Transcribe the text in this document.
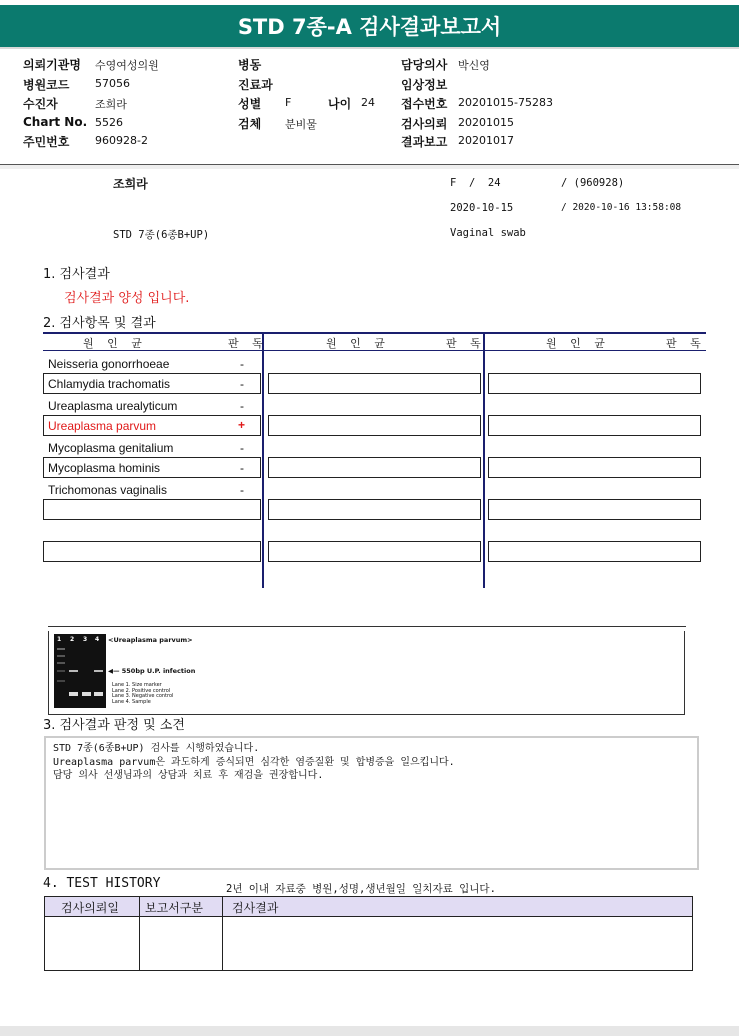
STD 7종-A 검사결과보고서
의뢰기관명 수영여성의원
병원코드 57056
수진자	조희라
Chart No. 5526
주민번호 960928-2
병동
진료과
성별 F	나이 24
검체 분비물
담당의사 박신영
임상정보
접수번호 20201015-75283
검사의뢰 20201015
결과보고 20201017
조희라	F  /  24	/ (960928)
2020-10-15	/ 2020-10-16 13:58:08
STD 7종(6종B+UP)	Vaginal swab
1. 검사결과
검사결과 양성 입니다.
2. 검사항목 및 결과
원 인 균	판 독	원 인 균	판 독	원 인 균	판 독
Neisseria gonorrhoeae	-
Chlamydia trachomatis	-
Ureaplasma urealyticum	-
Ureaplasma parvum	+
Mycoplasma genitalium	-
Mycoplasma hominis	-
Trichomonas vaginalis	-
1 2 3 4 <Ureaplasma parvum>
◀— 550bp U.P. infection
Lane 1. Size marker
Lane 2. Positive control
Lane 3. Negative control
Lane 4. Sample
3. 검사결과 판정 및 소견
STD 7종(6종B+UP) 검사를 시행하였습니다.
Ureaplasma parvum은 과도하게 증식되면 심각한 염증질환 및 합병증을 일으킵니다.
담당 의사 선생님과의 상담과 치료 후 재검을 권장합니다.
4. TEST HISTORY	2년 이내 자료중 병원,성명,생년월일 일치자료 입니다.
검사의뢰일 보고서구분 검사결과
